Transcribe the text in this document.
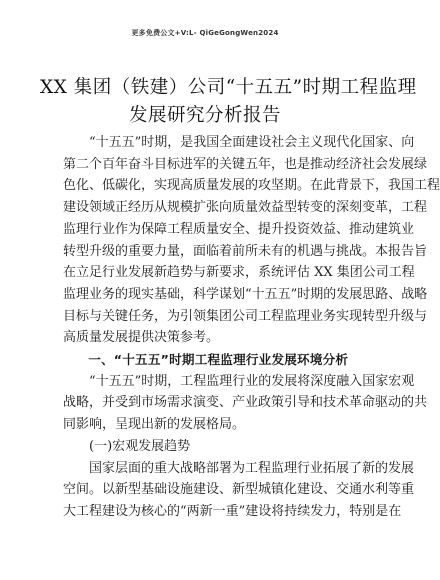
更多免费公文+V:L- QiGeGongWen2024
XX 集团（铁建）公司“十五五”时期工程监理
发展研究分析报告

“十五五”时期，是我国全面建设社会主义现代化国家、向

第二个百年奋斗目标进军的关键五年，也是推动经济社会发展绿

色化、低碳化，实现高质量发展的攻坚期。在此背景下，我国工程

建设领域正经历从规模扩张向质量效益型转变的深刻变革，工程

监理行业作为保障工程质量安全、提升投资效益、推动建筑业

转型升级的重要力量，面临着前所未有的机遇与挑战。本报告旨

在立足行业发展新趋势与新要求，系统评估 XX 集团公司工程

监理业务的现实基础，科学谋划“十五五”时期的发展思路、战略

目标与关键任务，为引领集团公司工程监理业务实现转型升级与

高质量发展提供决策参考。

一、“十五五”时期工程监理行业发展环境分析

“十五五”时期，工程监理行业的发展将深度融入国家宏观

战略，并受到市场需求演变、产业政策引导和技术革命驱动的共

同影响，呈现出新的发展格局。

(一)宏观发展趋势

国家层面的重大战略部署为工程监理行业拓展了新的发展

空间。以新型基础设施建设、新型城镇化建设、交通水利等重

大工程建设为核心的“两新一重”建设将持续发力，特别是在
